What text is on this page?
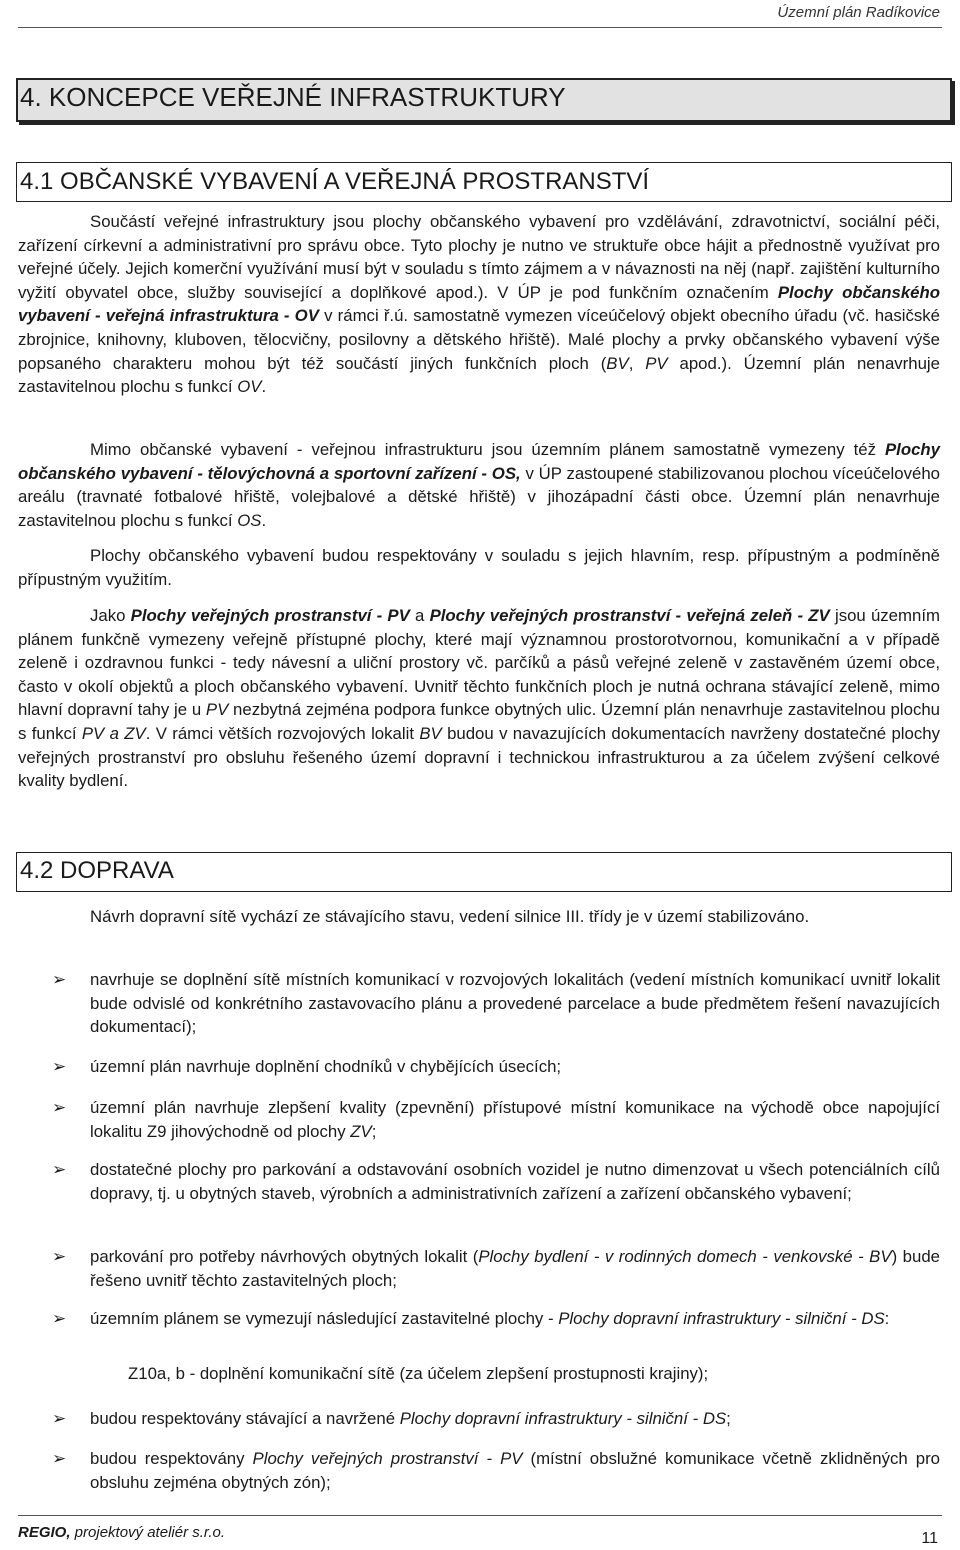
Územní plán Radíkovice
4. KONCEPCE VEŘEJNÉ INFRASTRUKTURY
4.1 OBČANSKÉ VYBAVENÍ A VEŘEJNÁ PROSTRANSTVÍ

Součástí veřejné infrastruktury jsou plochy občanského vybavení pro vzdělávání, zdravotnictví, sociální péči, zařízení církevní a administrativní pro správu obce. Tyto plochy je nutno ve struktuře obce hájit a přednostně využívat pro veřejné účely. Jejich komerční využívání musí být v souladu s tímto zájmem a v návaznosti na něj (např. zajištění kulturního vyžití obyvatel obce, služby související a doplňkové apod.). V ÚP je pod funkčním označením Plochy občanského vybavení - veřejná infrastruktura - OV v rámci ř.ú. samostatně vymezen víceúčelový objekt obecního úřadu (vč. hasičské zbrojnice, knihovny, kluboven, tělocvičny, posilovny a dětského hřiště). Malé plochy a prvky občanského vybavení výše popsaného charakteru mohou být též součástí jiných funkčních ploch (BV, PV apod.). Územní plán nenavrhuje zastavitelnou plochu s funkcí OV.

Mimo občanské vybavení - veřejnou infrastrukturu jsou územním plánem samostatně vymezeny též Plochy občanského vybavení - tělovýchovná a sportovní zařízení - OS, v ÚP zastoupené stabilizovanou plochou víceúčelového areálu (travnaté fotbalové hřiště, volejbalové a dětské hřiště) v jihozápadní části obce. Územní plán nenavrhuje zastavitelnou plochu s funkcí OS.

Plochy občanského vybavení budou respektovány v souladu s jejich hlavním, resp. přípustným a podmíněně přípustným využitím.

Jako Plochy veřejných prostranství - PV a Plochy veřejných prostranství - veřejná zeleň - ZV jsou územním plánem funkčně vymezeny veřejně přístupné plochy, které mají významnou prostorotvornou, komunikační a v případě zeleně i ozdravnou funkci - tedy návesní a uliční prostory vč. parčíků a pásů veřejné zeleně v zastavěném území obce, často v okolí objektů a ploch občanského vybavení. Uvnitř těchto funkčních ploch je nutná ochrana stávající zeleně, mimo hlavní dopravní tahy je u PV nezbytná zejména podpora funkce obytných ulic. Územní plán nenavrhuje zastavitelnou plochu s funkcí PV a ZV. V rámci větších rozvojových lokalit BV budou v navazujících dokumentacích navrženy dostatečné plochy veřejných prostranství pro obsluhu řešeného území dopravní i technickou infrastrukturou a za účelem zvýšení celkové kvality bydlení.

4.2 DOPRAVA

Návrh dopravní sítě vychází ze stávajícího stavu, vedení silnice III. třídy je v území stabilizováno.

➢ navrhuje se doplnění sítě místních komunikací v rozvojových lokalitách (vedení místních komunikací uvnitř lokalit bude odvislé od konkrétního zastavovacího plánu a provedené parcelace a bude předmětem řešení navazujících dokumentací);

➢ územní plán navrhuje doplnění chodníků v chybějících úsecích;

➢ územní plán navrhuje zlepšení kvality (zpevnění) přístupové místní komunikace na východě obce napojující lokalitu Z9 jihovýchodně od plochy ZV;

➢ dostatečné plochy pro parkování a odstavování osobních vozidel je nutno dimenzovat u všech potenciálních cílů dopravy, tj. u obytných staveb, výrobních a administrativních zařízení a zařízení občanského vybavení;

➢ parkování pro potřeby návrhových obytných lokalit (Plochy bydlení - v rodinných domech - venkovské - BV) bude řešeno uvnitř těchto zastavitelných ploch;

➢ územním plánem se vymezují následující zastavitelné plochy - Plochy dopravní infrastruktury - silniční - DS:

Z10a, b - doplnění komunikační sítě (za účelem zlepšení prostupnosti krajiny);
➢ budou respektovány stávající a navržené Plochy dopravní infrastruktury - silniční - DS;

➢ budou respektovány Plochy veřejných prostranství - PV (místní obslužné komunikace včetně zklidněných pro obsluhu zejména obytných zón);

REGIO, projektový ateliér s.r.o.	11
